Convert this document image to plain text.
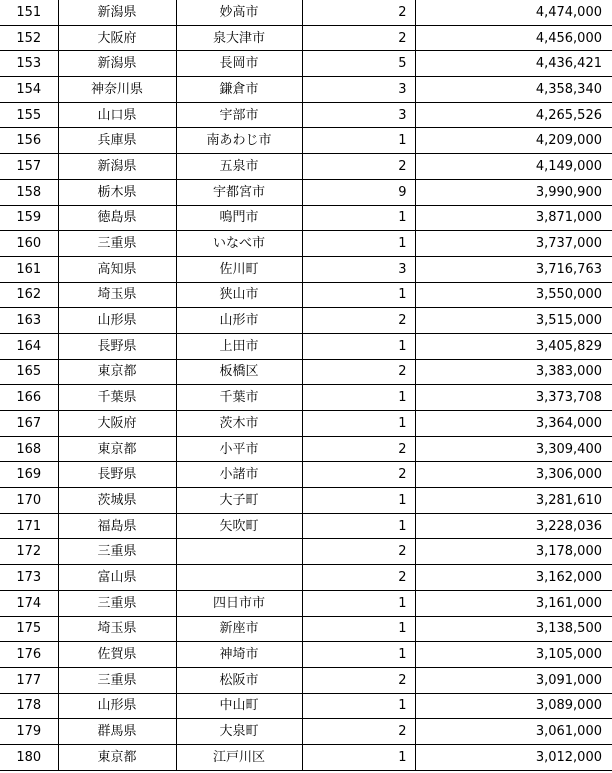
151	新潟県	妙高市	2	4,474,000
152	大阪府	泉大津市	2	4,456,000
153	新潟県	長岡市	5	4,436,421
154	神奈川県	鎌倉市	3	4,358,340
155	山口県	宇部市	3	4,265,526
156	兵庫県	南あわじ市	1	4,209,000
157	新潟県	五泉市	2	4,149,000
158	栃木県	宇都宮市	9	3,990,900
159	徳島県	鳴門市	1	3,871,000
160	三重県	いなべ市	1	3,737,000
161	高知県	佐川町	3	3,716,763
162	埼玉県	狭山市	1	3,550,000
163	山形県	山形市	2	3,515,000
164	長野県	上田市	1	3,405,829
165	東京都	板橋区	2	3,383,000
166	千葉県	千葉市	1	3,373,708
167	大阪府	茨木市	1	3,364,000
168	東京都	小平市	2	3,309,400
169	長野県	小諸市	2	3,306,000
170	茨城県	大子町	1	3,281,610
171	福島県	矢吹町	1	3,228,036
172	三重県		2	3,178,000
173	富山県		2	3,162,000
174	三重県	四日市市	1	3,161,000
175	埼玉県	新座市	1	3,138,500
176	佐賀県	神埼市	1	3,105,000
177	三重県	松阪市	2	3,091,000
178	山形県	中山町	1	3,089,000
179	群馬県	大泉町	2	3,061,000
180	東京都	江戸川区	1	3,012,000
